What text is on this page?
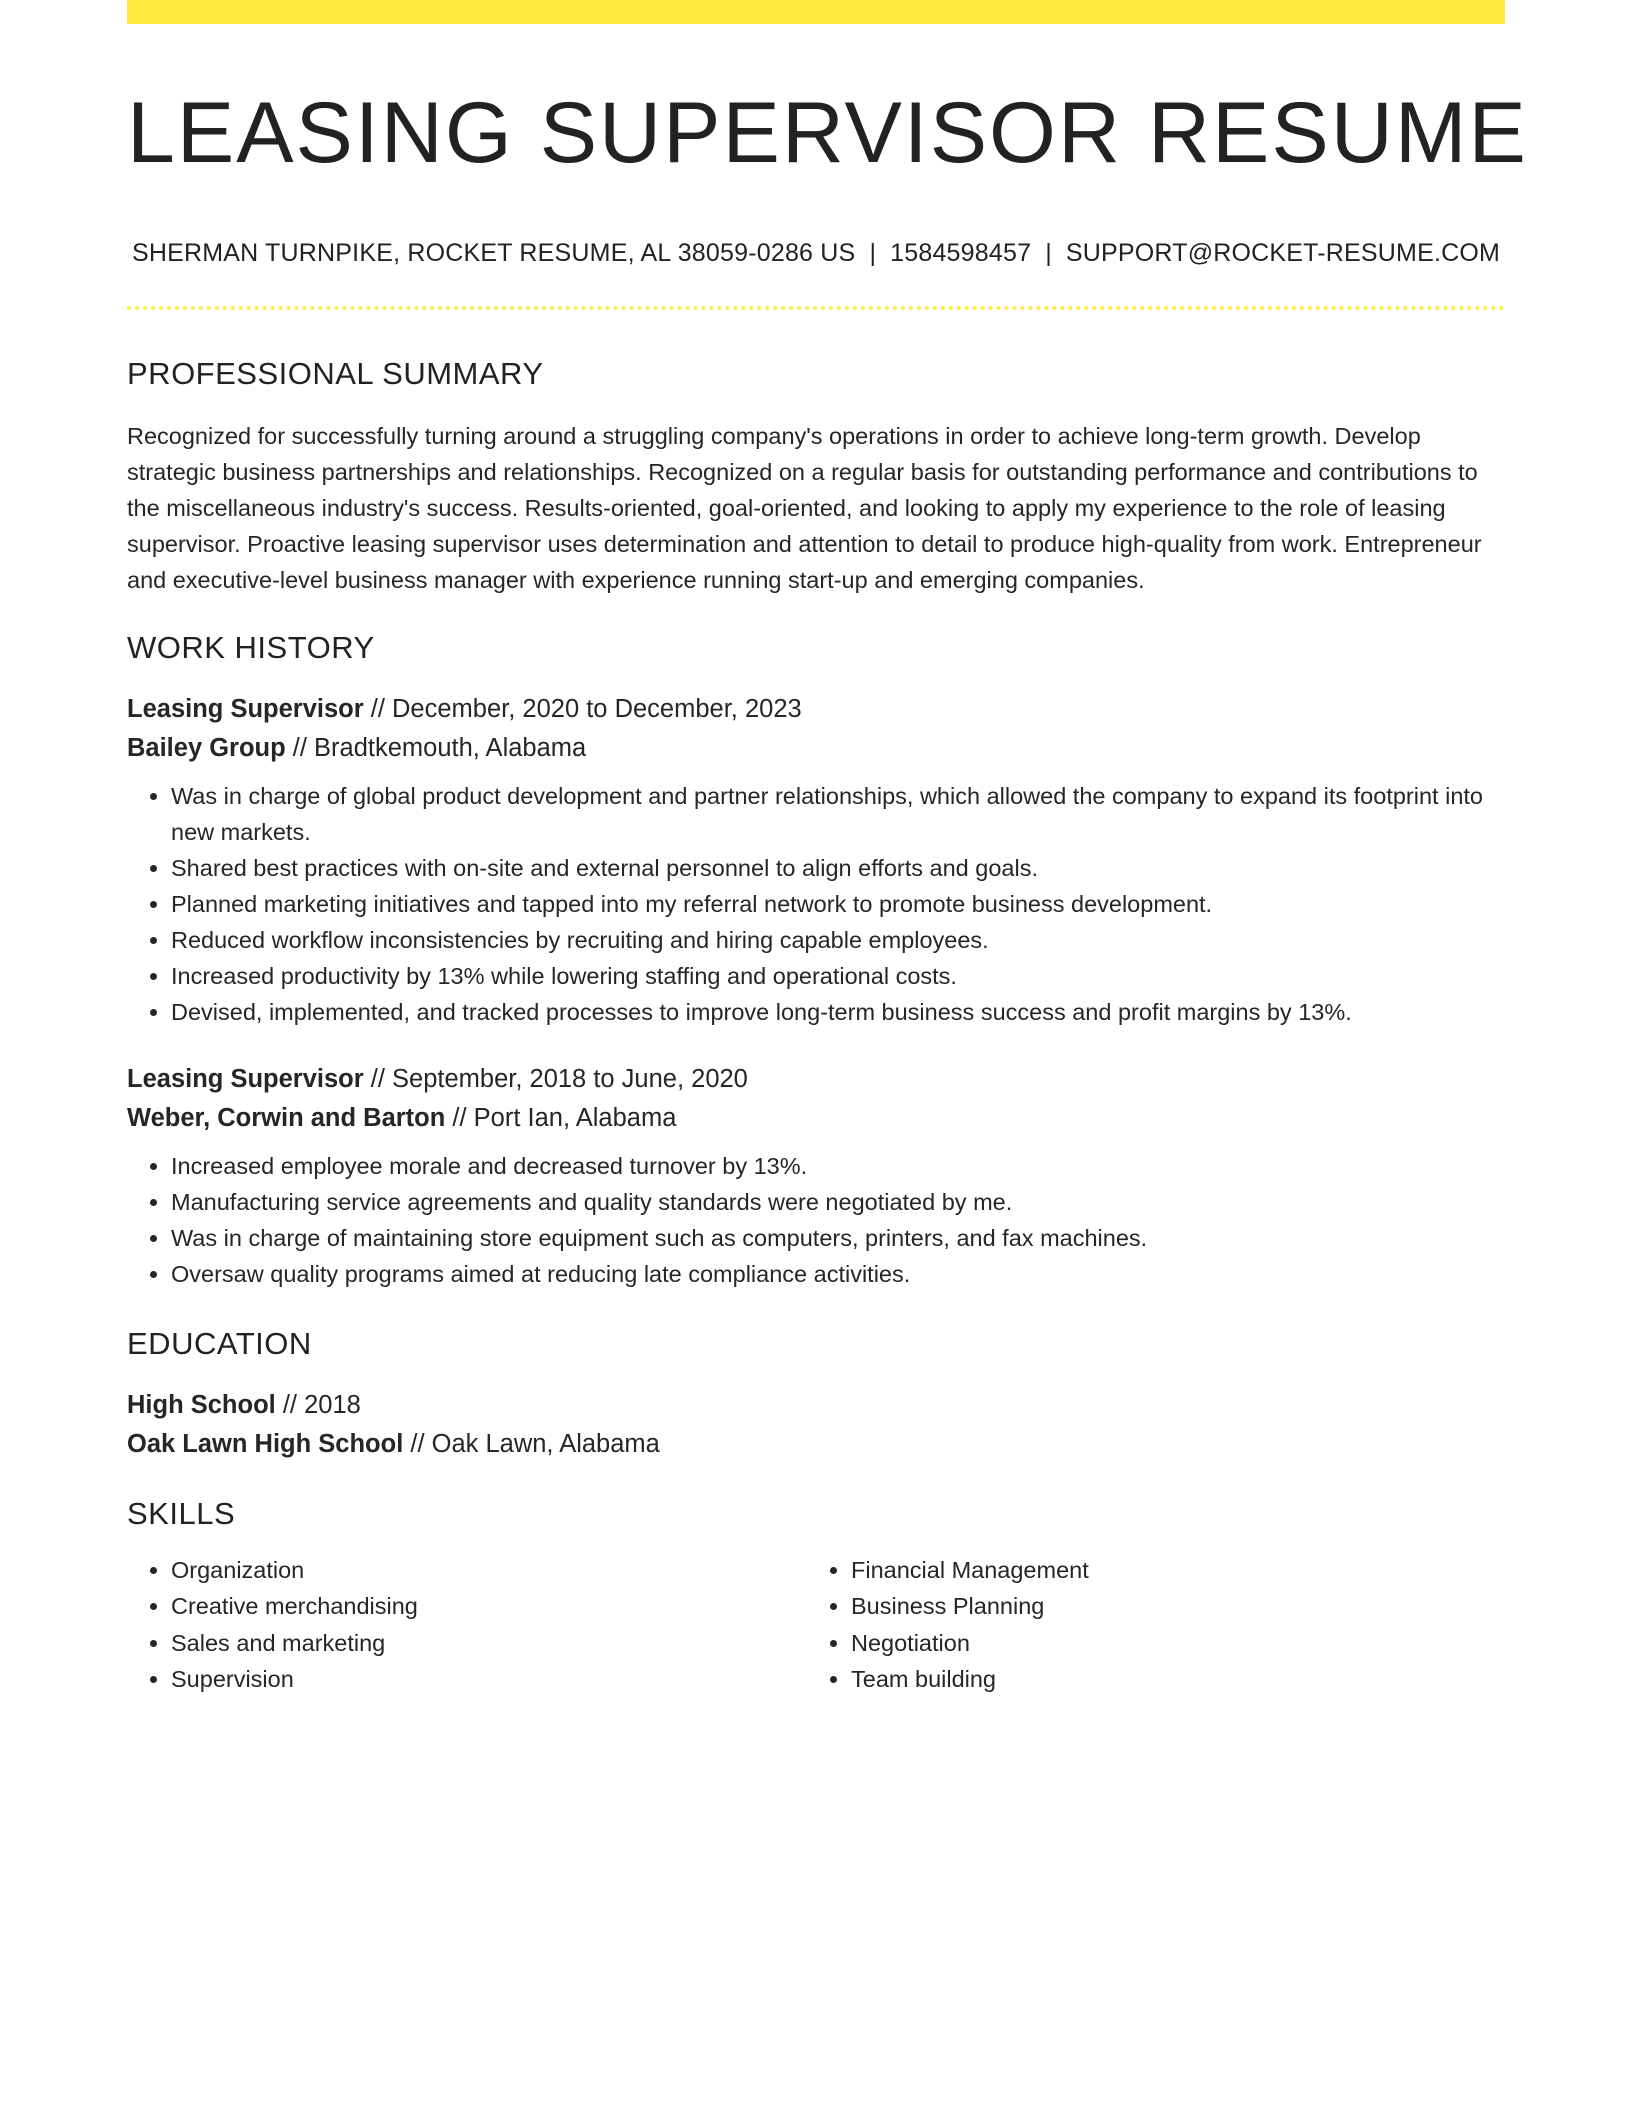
LEASING SUPERVISOR RESUME
SHERMAN TURNPIKE, ROCKET RESUME, AL 38059-0286 US | 1584598457 | SUPPORT@ROCKET-RESUME.COM
PROFESSIONAL SUMMARY

Recognized for successfully turning around a struggling company's operations in order to achieve long-term growth. Develop strategic business partnerships and relationships. Recognized on a regular basis for outstanding performance and contributions to the miscellaneous industry's success. Results-oriented, goal-oriented, and looking to apply my experience to the role of leasing supervisor. Proactive leasing supervisor uses determination and attention to detail to produce high-quality from work. Entrepreneur and executive-level business manager with experience running start-up and emerging companies.

WORK HISTORY
Leasing Supervisor // December, 2020 to December, 2023
Bailey Group // Bradtkemouth, Alabama
• Was in charge of global product development and partner relationships, which allowed the company to expand its footprint into new markets.
• Shared best practices with on-site and external personnel to align efforts and goals.
• Planned marketing initiatives and tapped into my referral network to promote business development.
• Reduced workflow inconsistencies by recruiting and hiring capable employees.
• Increased productivity by 13% while lowering staffing and operational costs.
• Devised, implemented, and tracked processes to improve long-term business success and profit margins by 13%.
Leasing Supervisor // September, 2018 to June, 2020
Weber, Corwin and Barton // Port Ian, Alabama
• Increased employee morale and decreased turnover by 13%.
• Manufacturing service agreements and quality standards were negotiated by me.
• Was in charge of maintaining store equipment such as computers, printers, and fax machines.
• Oversaw quality programs aimed at reducing late compliance activities.
EDUCATION
High School // 2018
Oak Lawn High School // Oak Lawn, Alabama
SKILLS
• Organization
• Creative merchandising
• Sales and marketing
• Supervision
• Financial Management
• Business Planning
• Negotiation
• Team building
